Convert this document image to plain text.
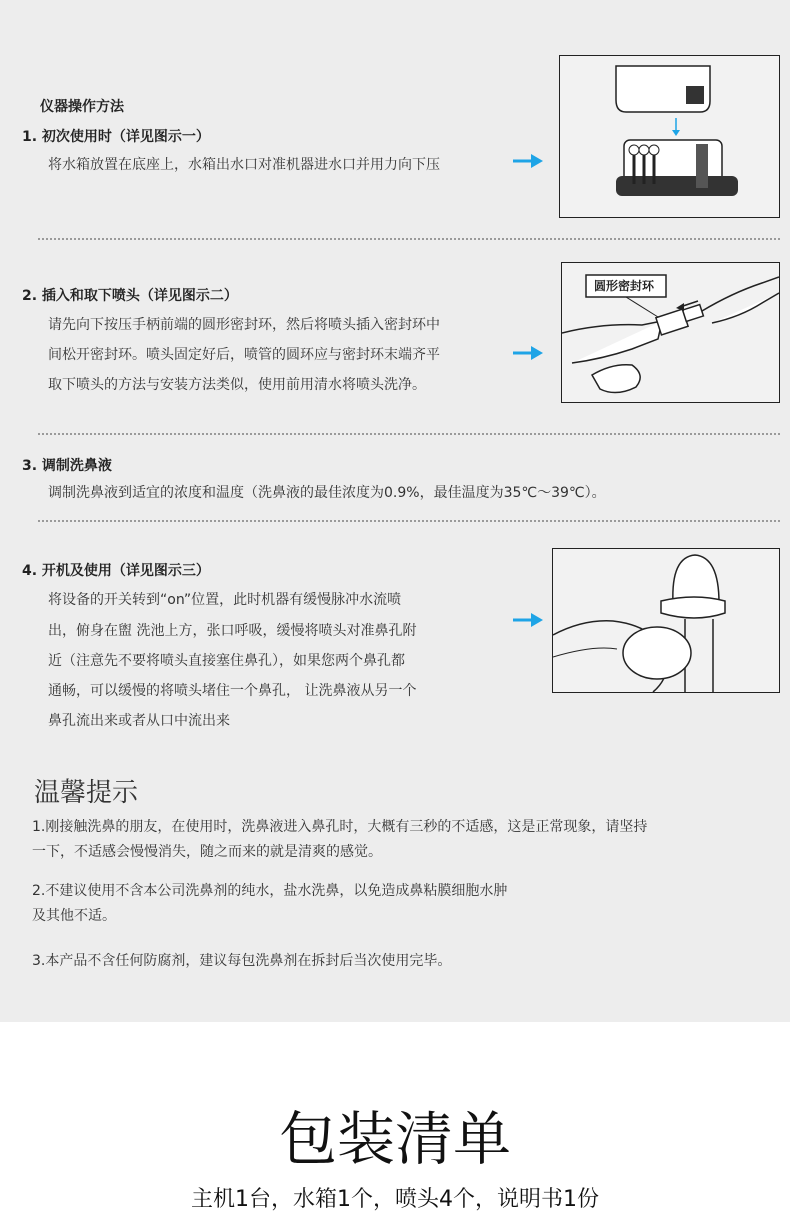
仪器操作方法
1. 初次使用时（详见图示一）
将水箱放置在底座上，水箱出水口对准机器进水口并用力向下压
2. 插入和取下喷头（详见图示二）
请先向下按压手柄前端的圆形密封环，然后将喷头插入密封环中
间松开密封环。喷头固定好后，喷管的圆环应与密封环末端齐平
取下喷头的方法与安装方法类似，使用前用清水将喷头洗净。
圆形密封环
3. 调制洗鼻液
调制洗鼻液到适宜的浓度和温度（洗鼻液的最佳浓度为0.9%，最佳温度为35℃～39℃）。
4. 开机及使用（详见图示三）
将设备的开关转到“on”位置，此时机器有缓慢脉冲水流喷
出，俯身在盥 洗池上方，张口呼吸，缓慢将喷头对准鼻孔附
近（注意先不要将喷头直接塞住鼻孔），如果您两个鼻孔都
通畅，可以缓慢的将喷头堵住一个鼻孔， 让洗鼻液从另一个
鼻孔流出来或者从口中流出来
温馨提示
1.刚接触洗鼻的朋友，在使用时，洗鼻液进入鼻孔时，大概有三秒的不适感，这是正常现象，请坚持
一下，不适感会慢慢消失，随之而来的就是清爽的感觉。
2.不建议使用不含本公司洗鼻剂的纯水，盐水洗鼻，以免造成鼻粘膜细胞水肿
及其他不适。
3.本产品不含任何防腐剂，建议每包洗鼻剂在拆封后当次使用完毕。
包装清单
主机1台，水箱1个，喷头4个，说明书1份
